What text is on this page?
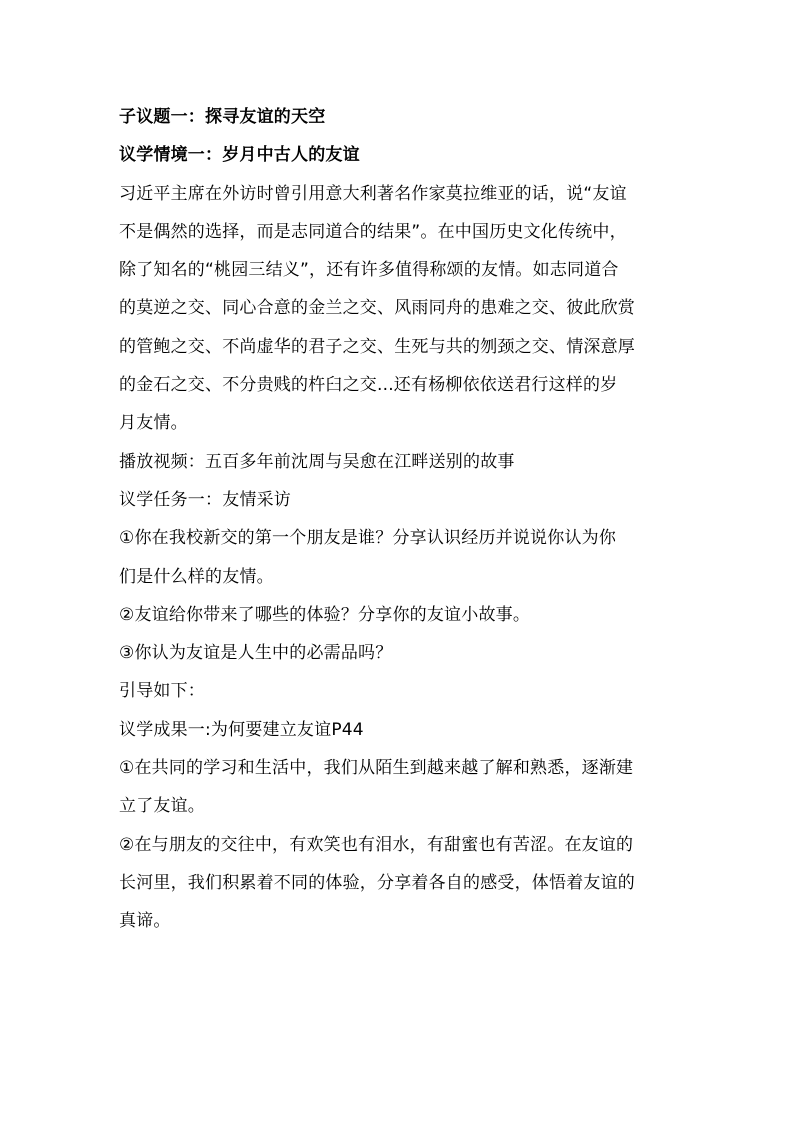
子议题一：探寻友谊的天空

议学情境一：岁月中古人的友谊

习近平主席在外访时曾引用意大利著名作家莫拉维亚的话，说“友谊

不是偶然的选择，而是志同道合的结果”。在中国历史文化传统中，

除了知名的“桃园三结义”，还有许多值得称颂的友情。如志同道合

的莫逆之交、同心合意的金兰之交、风雨同舟的患难之交、彼此欣赏

的管鲍之交、不尚虚华的君子之交、生死与共的刎颈之交、情深意厚

的金石之交、不分贵贱的杵臼之交...还有杨柳依依送君行这样的岁

月友情。

播放视频：五百多年前沈周与吴愈在江畔送别的故事

议学任务一：友情采访

①你在我校新交的第一个朋友是谁？分享认识经历并说说你认为你

们是什么样的友情。

②友谊给你带来了哪些的体验？分享你的友谊小故事。

③你认为友谊是人生中的必需品吗？

引导如下：

议学成果一:为何要建立友谊P44

①在共同的学习和生活中，我们从陌生到越来越了解和熟悉，逐渐建

立了友谊。

②在与朋友的交往中，有欢笑也有泪水，有甜蜜也有苦涩。在友谊的

长河里，我们积累着不同的体验，分享着各自的感受，体悟着友谊的

真谛。
